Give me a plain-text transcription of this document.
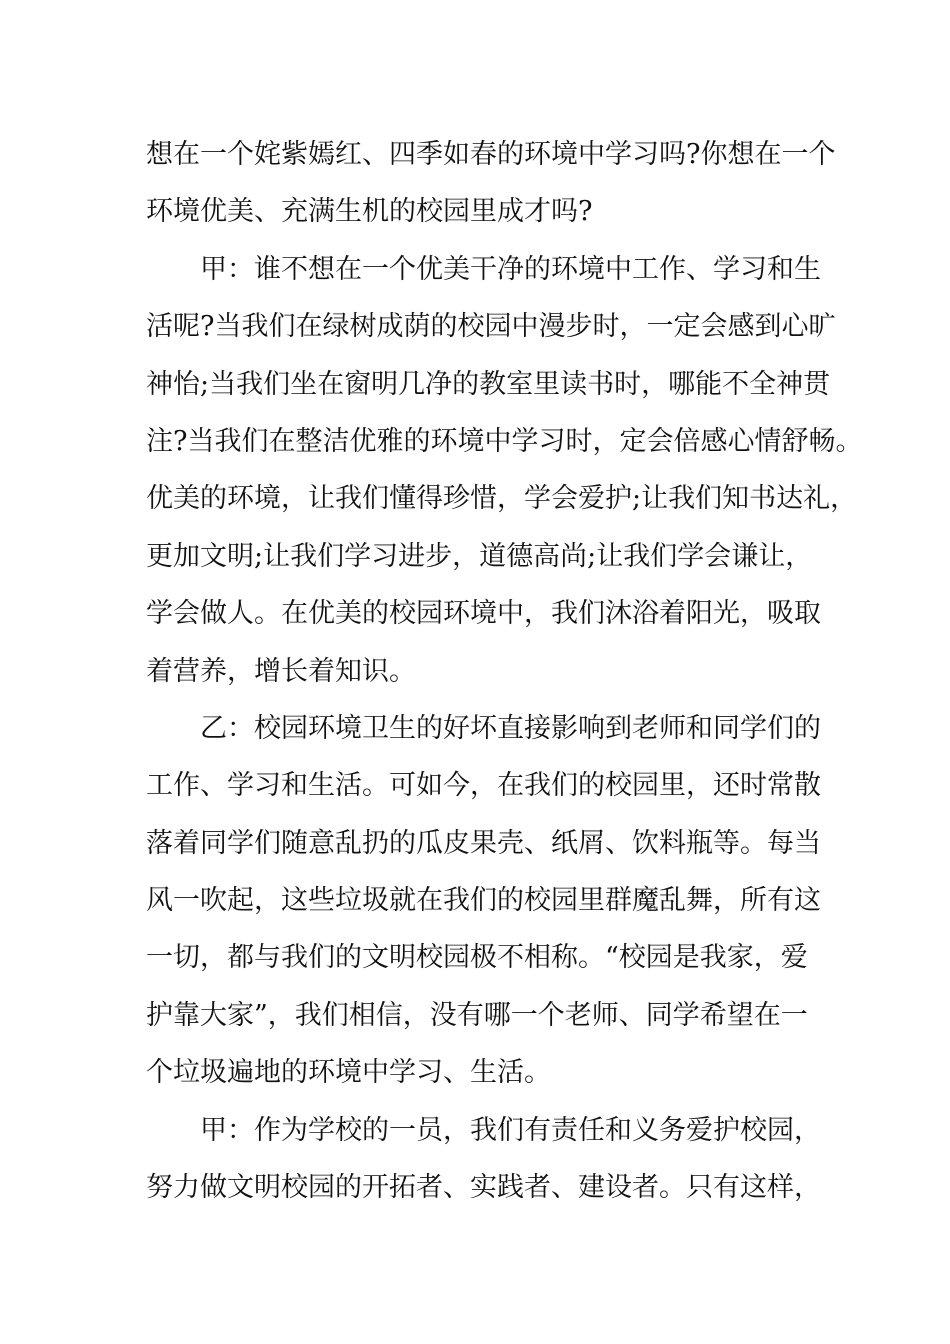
想在一个姹紫嫣红、四季如春的环境中学习吗?你想在一个
环境优美、充满生机的校园里成才吗?
甲：谁不想在一个优美干净的环境中工作、学习和生
活呢?当我们在绿树成荫的校园中漫步时，一定会感到心旷
神怡;当我们坐在窗明几净的教室里读书时，哪能不全神贯
注?当我们在整洁优雅的环境中学习时，定会倍感心情舒畅。
优美的环境，让我们懂得珍惜，学会爱护;让我们知书达礼，
更加文明;让我们学习进步，道德高尚;让我们学会谦让，
学会做人。在优美的校园环境中，我们沐浴着阳光，吸取
着营养，增长着知识。
乙：校园环境卫生的好坏直接影响到老师和同学们的
工作、学习和生活。可如今，在我们的校园里，还时常散
落着同学们随意乱扔的瓜皮果壳、纸屑、饮料瓶等。每当
风一吹起，这些垃圾就在我们的校园里群魔乱舞，所有这
一切，都与我们的文明校园极不相称。“校园是我家，爱
护靠大家”，我们相信，没有哪一个老师、同学希望在一
个垃圾遍地的环境中学习、生活。
甲：作为学校的一员，我们有责任和义务爱护校园，
努力做文明校园的开拓者、实践者、建设者。只有这样，
